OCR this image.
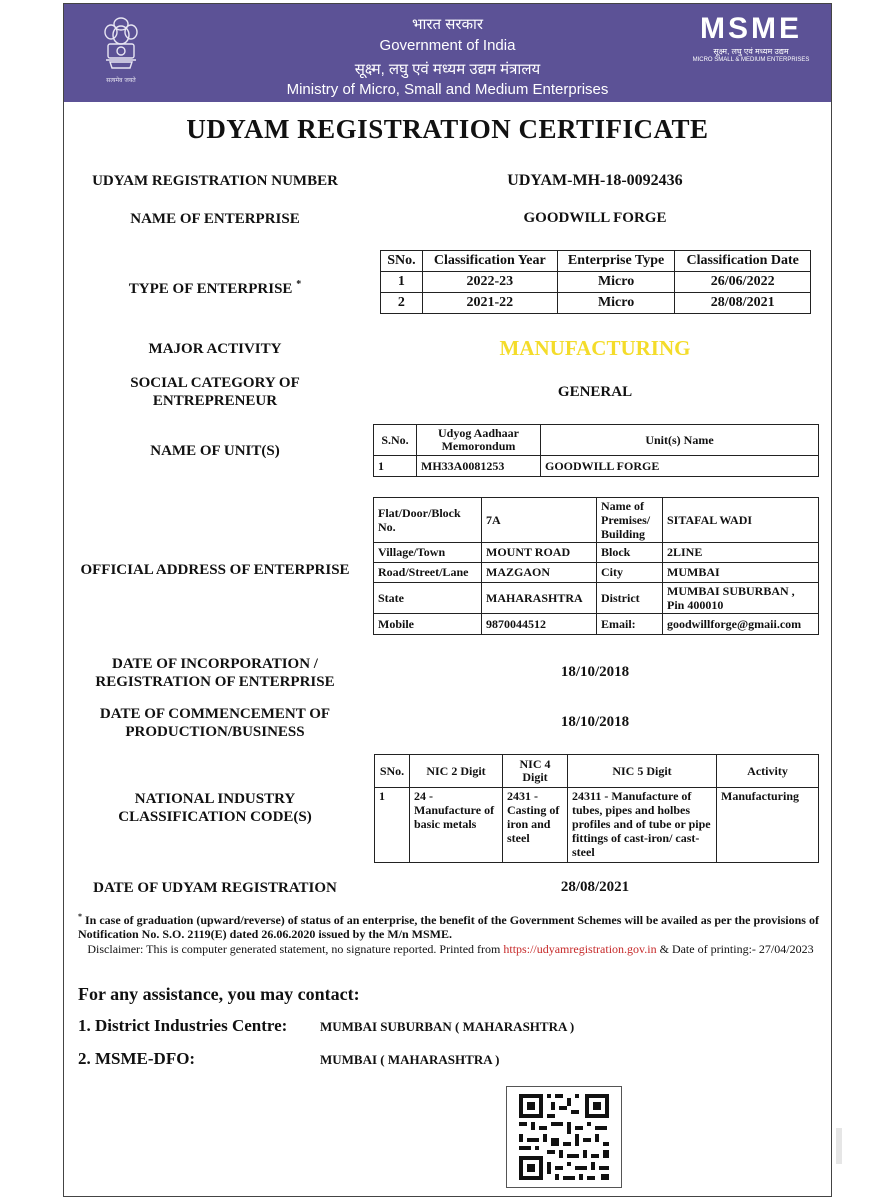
सत्यमेव जयते
भारत सरकार
Government of India
सूक्ष्म, लघु एवं मध्यम उद्यम मंत्रालय
Ministry of Micro, Small and Medium Enterprises
MSME
सूक्ष्म, लघु एवं मध्यम उद्यम
MICRO SMALL & MEDIUM ENTERPRISES
UDYAM REGISTRATION CERTIFICATE
UDYAM REGISTRATION NUMBER	UDYAM-MH-18-0092436
NAME OF ENTERPRISE	GOODWILL FORGE
TYPE OF ENTERPRISE *
SNo.	Classification Year	Enterprise Type	Classification Date
1	2022-23	Micro	26/06/2022
2	2021-22	Micro	28/08/2021
MAJOR ACTIVITY	MANUFACTURING
SOCIAL CATEGORY OF
ENTREPRENEUR
GENERAL
NAME OF UNIT(S)
S.No.	Udyog Aadhaar Memorondum	Unit(s) Name
1	MH33A0081253	GOODWILL FORGE
OFFICIAL ADDRESS OF ENTERPRISE
Flat/Door/Block No.	7A	Name of Premises/ Building	SITAFAL WADI
Village/Town	MOUNT ROAD	Block	2LINE
Road/Street/Lane	MAZGAON	City	MUMBAI
State	MAHARASHTRA	District	MUMBAI SUBURBAN , Pin 400010
Mobile	9870044512	Email:	goodwillforge@gmaii.com
DATE OF INCORPORATION /
REGISTRATION OF ENTERPRISE
18/10/2018
DATE OF COMMENCEMENT OF
PRODUCTION/BUSINESS
18/10/2018
NATIONAL INDUSTRY
CLASSIFICATION CODE(S)
SNo.	NIC 2 Digit	NIC 4 Digit	NIC 5 Digit	Activity
1	24 - Manufacture of basic metals	2431 - Casting of iron and steel	24311 - Manufacture of tubes, pipes and holbes profiles and of tube or pipe fittings of cast-iron/ cast-steel	Manufacturing
DATE OF UDYAM REGISTRATION	28/08/2021
* In case of graduation (upward/reverse) of status of an enterprise, the benefit of the Government Schemes will be availed as per the provisions of Notification No. S.O. 2119(E) dated 26.06.2020 issued by the M/n MSME.
Disclaimer: This is computer generated statement, no signature reported. Printed from https://udyamregistration.gov.in & Date of printing:- 27/04/2023
For any assistance, you may contact:
1. District Industries Centre:	MUMBAI SUBURBAN ( MAHARASHTRA )
2. MSME-DFO:	MUMBAI ( MAHARASHTRA )
